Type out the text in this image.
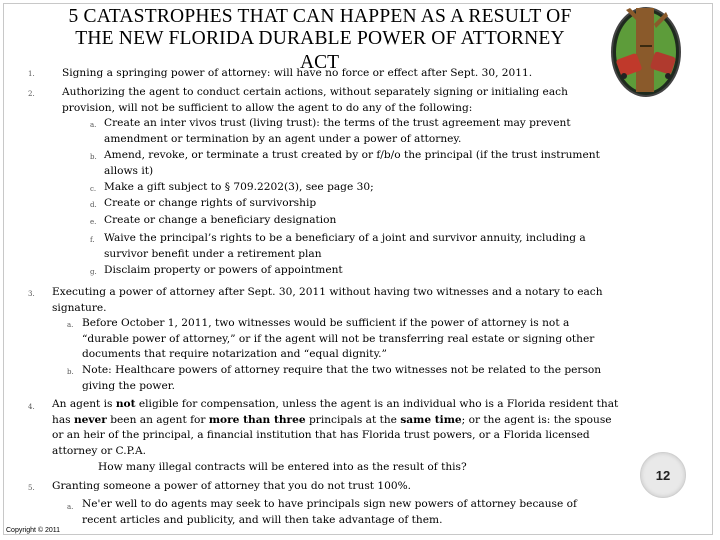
5 CATASTROPHES THAT CAN HAPPEN AS A RESULT OF
THE NEW FLORIDA DURABLE POWER OF ATTORNEY
ACT
1.	Signing a springing power of attorney: will have no force or effect after Sept. 30, 2011.
2.	Authorizing the agent to conduct certain actions, without separately signing or initialing each provision, will not be sufficient to allow the agent to do any of the following:
a. Create an inter vivos trust (living trust): the terms of the trust agreement may prevent amendment or termination by an agent under a power of attorney.
b. Amend, revoke, or terminate a trust created by or f/b/o the principal (if the trust instrument allows it)
c. Make a gift subject to § 709.2202(3), see page 30;
d. Create or change rights of survivorship
e. Create or change a beneficiary designation
f. Waive the principal’s rights to be a beneficiary of a joint and survivor annuity, including a survivor benefit under a retirement plan
g. Disclaim property or powers of appointment
3. Executing a power of attorney after Sept. 30, 2011 without having two witnesses and a notary to each signature.
a. Before October 1, 2011, two witnesses would be sufficient if the power of attorney is not a “durable power of attorney,” or if the agent will not be transferring real estate or signing other documents that require notarization and “equal dignity.”
b. Note: Healthcare powers of attorney require that the two witnesses not be related to the person giving the power.
4. An agent is not eligible for compensation, unless the agent is an individual who is a Florida resident that has never been an agent for more than three principals at the same time; or the agent is: the spouse or an heir of the principal, a financial institution that has Florida trust powers, or a Florida licensed attorney or C.P.A.
How many illegal contracts will be entered into as the result of this?
5. Granting someone a power of attorney that you do not trust 100%.
a. Ne'er well to do agents may seek to have principals sign new powers of attorney because of recent articles and publicity, and will then take advantage of them.
12
Copyright © 2011
